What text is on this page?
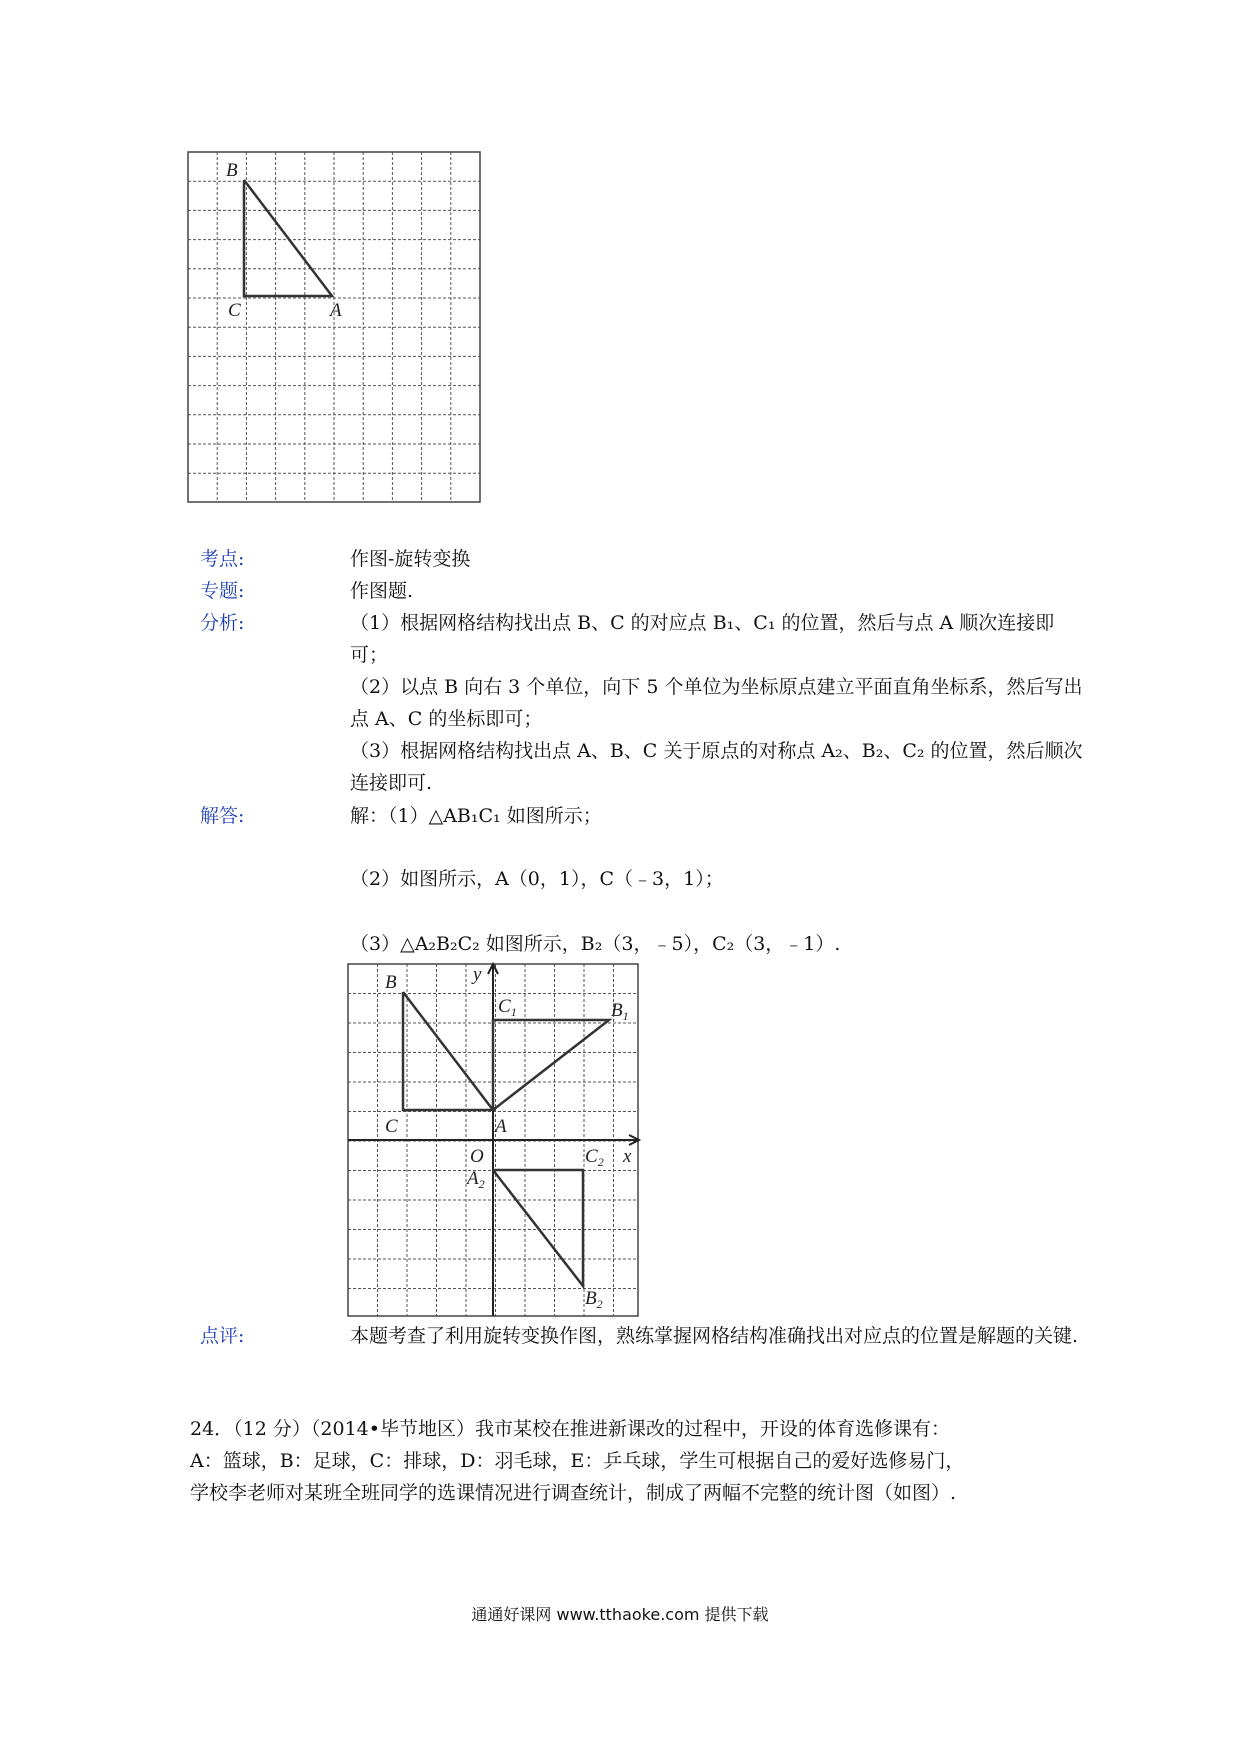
B
C	A
考点:	作图-旋转变换
专题:	作图题.
分析:	（1）根据网格结构找出点 B、C 的对应点 B₁、C₁ 的位置，然后与点 A 顺次连接即可；
（2）以点 B 向右 3 个单位，向下 5 个单位为坐标原点建立平面直角坐标系，然后写出点 A、C 的坐标即可；
（3）根据网格结构找出点 A、B、C 关于原点的对称点 A₂、B₂、C₂ 的位置，然后顺次连接即可.
解答:	解：（1）△AB₁C₁ 如图所示；
（2）如图所示，A（0，1），C（﹣3，1）；
（3）△A₂B₂C₂ 如图所示，B₂（3，﹣5），C₂（3，﹣1）.
B
C	A
O	x
y
$C_1$	$B_1$
$C_2$
$A_2$
$B_2$
点评:	本题考查了利用旋转变换作图，熟练掌握网格结构准确找出对应点的位置是解题的关键.
24．（12 分）（2014•毕节地区）我市某校在推进新课改的过程中，开设的体育选修课有：
A：篮球，B：足球，C：排球，D：羽毛球，E：乒乓球，学生可根据自己的爱好选修易门，
学校李老师对某班全班同学的选课情况进行调查统计，制成了两幅不完整的统计图（如图）.
通通好课网 www.tthaoke.com 提供下载
